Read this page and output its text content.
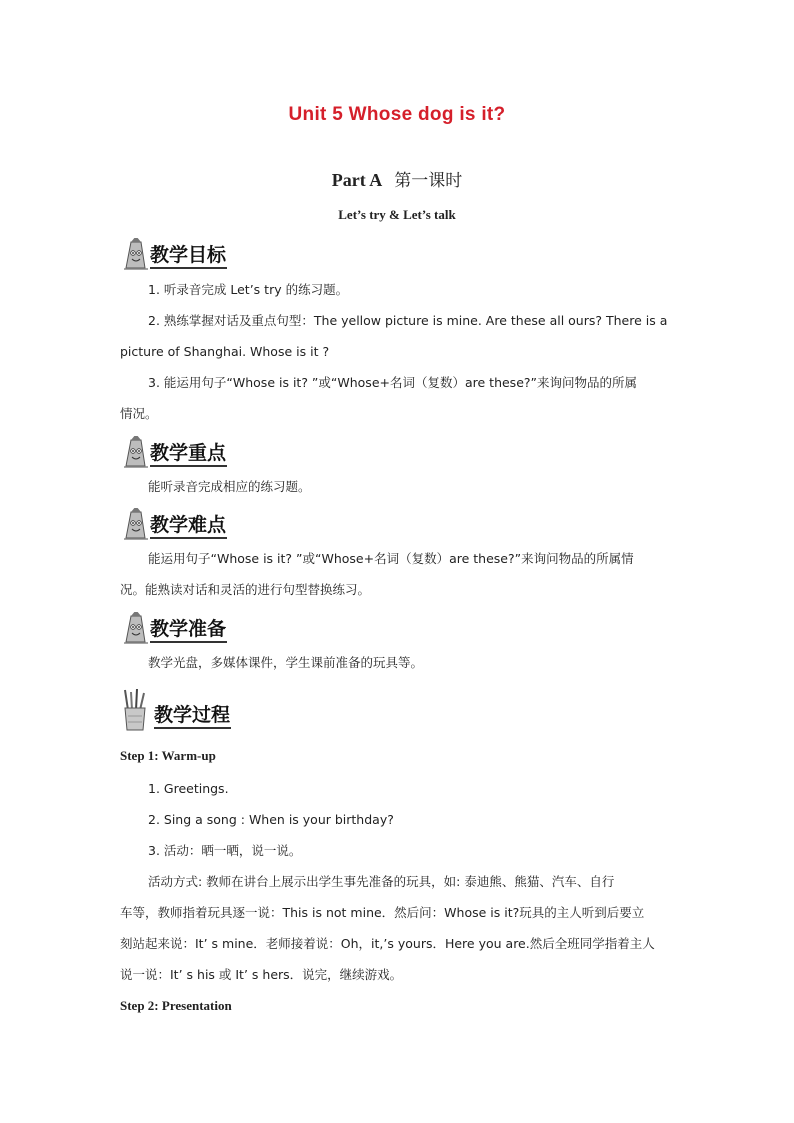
Unit 5 Whose dog is it?
Part A 第一课时
Let’s try & Let’s talk
教学目标
1. 听录音完成 Let’s try 的练习题。
2. 熟练掌握对话及重点句型：The yellow picture is mine. Are these all ours? There is a
picture of Shanghai. Whose is it ?
3. 能运用句子“Whose is it? ”或“Whose+名词（复数）are these?”来询问物品的所属
情况。
教学重点
能听录音完成相应的练习题。
教学难点
能运用句子“Whose is it? ”或“Whose+名词（复数）are these?”来询问物品的所属情
况。能熟读对话和灵活的进行句型替换练习。
教学准备
教学光盘，多媒体课件，学生课前准备的玩具等。
教学过程
Step 1: Warm-up
1. Greetings.
2. Sing a song : When is your birthday?
3. 活动：晒一晒，说一说。
活动方式: 教师在讲台上展示出学生事先准备的玩具，如: 泰迪熊、熊猫、汽车、自行
车等，教师指着玩具逐一说：This is not mine．然后问：Whose is it?玩具的主人听到后要立
刻站起来说：It’ s mine．老师接着说：Oh，it,’s yours．Here you are.然后全班同学指着主人
说一说：It’ s his 或 It’ s hers．说完，继续游戏。
Step 2: Presentation
